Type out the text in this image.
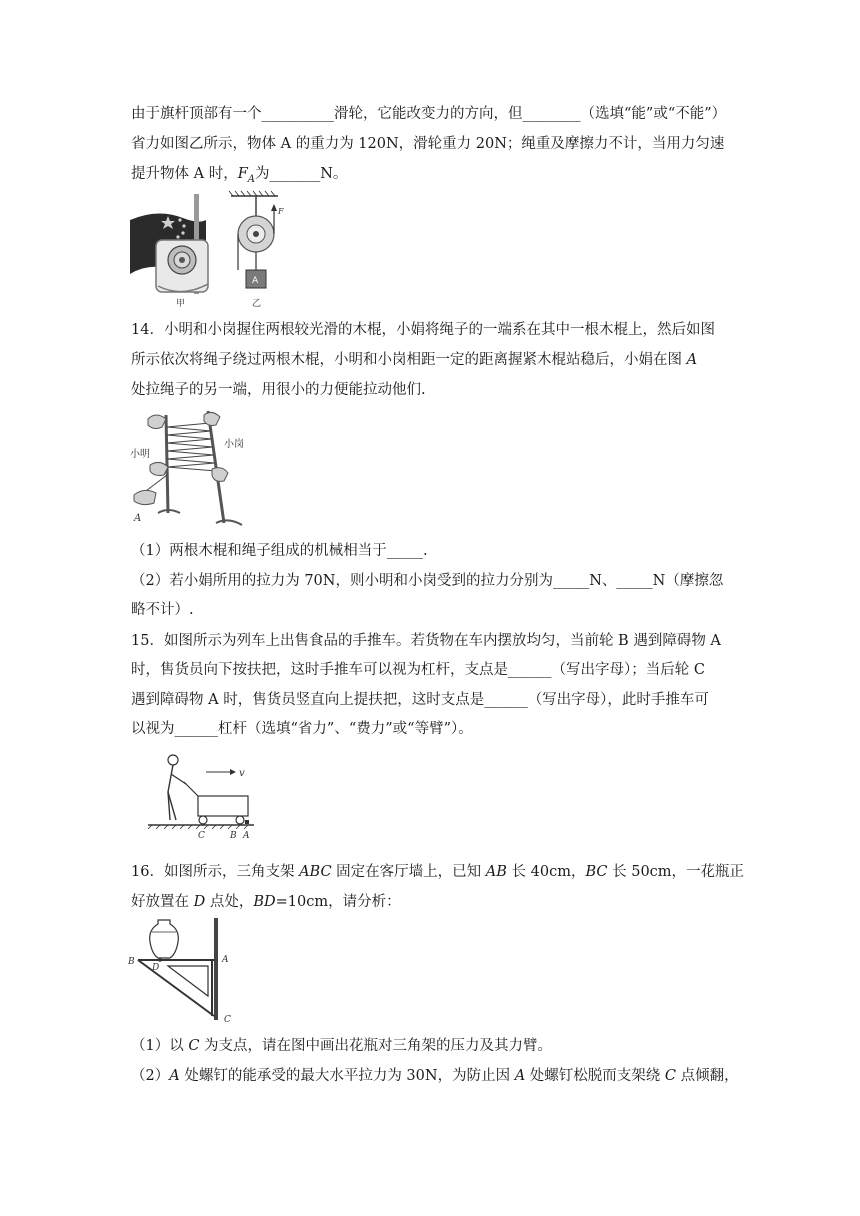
由于旗杆顶部有一个__________滑轮，它能改变力的方向，但________（选填“能”或“不能”）
省力如图乙所示，物体 A 的重力为 120N，滑轮重力 20N；绳重及摩擦力不计，当用力匀速
提升物体 A 时，$F_A$为_______N。
甲
F
A
乙
14．小明和小岗握住两根较光滑的木棍，小娟将绳子的一端系在其中一根木棍上，然后如图
所示依次将绳子绕过两根木棍，小明和小岗相距一定的距离握紧木棍站稳后，小娟在图 A
处拉绳子的另一端，用很小的力便能拉动他们.
小明
小岗
A
（1）两根木棍和绳子组成的机械相当于_____.
（2）若小娟所用的拉力为 70N，则小明和小岗受到的拉力分别为_____N、_____N（摩擦忽
略不计）.
15．如图所示为列车上出售食品的手推车。若货物在车内摆放均匀，当前轮 B 遇到障碍物 A
时，售货员向下按扶把，这时手推车可以视为杠杆，支点是______（写出字母）；当后轮 C
遇到障碍物 A 时，售货员竖直向上提扶把，这时支点是______（写出字母），此时手推车可
以视为______杠杆（选填“省力”、“费力”或“等臂”）。
v
C	B A
16．如图所示，三角支架 ABC 固定在客厅墙上，已知 AB 长 40cm，BC 长 50cm，一花瓶正
好放置在 D 点处，BD=10cm，请分析：
B
D
A
C
（1）以 C 为支点，请在图中画出花瓶对三角架的压力及其力臂。
（2）A 处螺钉的能承受的最大水平拉力为 30N，为防止因 A 处螺钉松脱而支架绕 C 点倾翻，
